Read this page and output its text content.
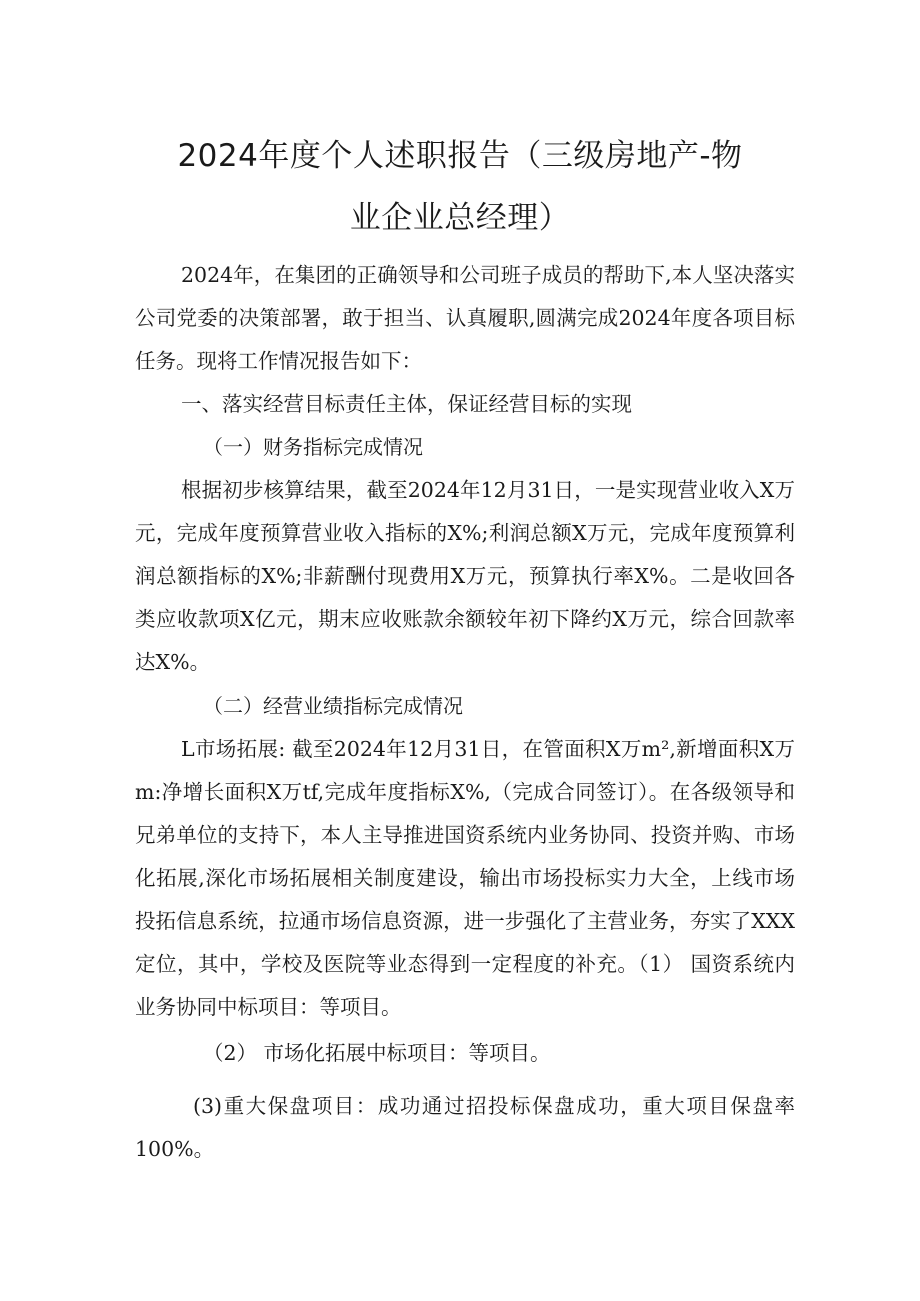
2024年度个人述职报告（三级房地产-物
业企业总经理）

2024年，在集团的正确领导和公司班子成员的帮助下,本人坚决落实公司党委的决策部署，敢于担当、认真履职,圆满完成2024年度各项目标任务。现将工作情况报告如下：

一、落实经营目标责任主体，保证经营目标的实现

（一）财务指标完成情况

根据初步核算结果，截至2024年12月31日，一是实现营业收入X万元，完成年度预算营业收入指标的X%;利润总额X万元，完成年度预算利润总额指标的X%;非薪酬付现费用X万元，预算执行率X%。二是收回各类应收款项X亿元，期末应收账款余额较年初下降约X万元，综合回款率达X%。

（二）经营业绩指标完成情况

L市场拓展: 截至2024年12月31日，在管面积X万m²,新增面积X万m:净增长面积X万tf,完成年度指标X%,（完成合同签订）。在各级领导和兄弟单位的支持下，本人主导推进国资系统内业务协同、投资并购、市场化拓展,深化市场拓展相关制度建设，输出市场投标实力大全，上线市场投拓信息系统，拉通市场信息资源，进一步强化了主营业务，夯实了XXX定位，其中，学校及医院等业态得到一定程度的补充。（1） 国资系统内业务协同中标项目：等项目。

（2） 市场化拓展中标项目：等项目。

(3)重大保盘项目：成功通过招投标保盘成功，重大项目保盘率100%。
